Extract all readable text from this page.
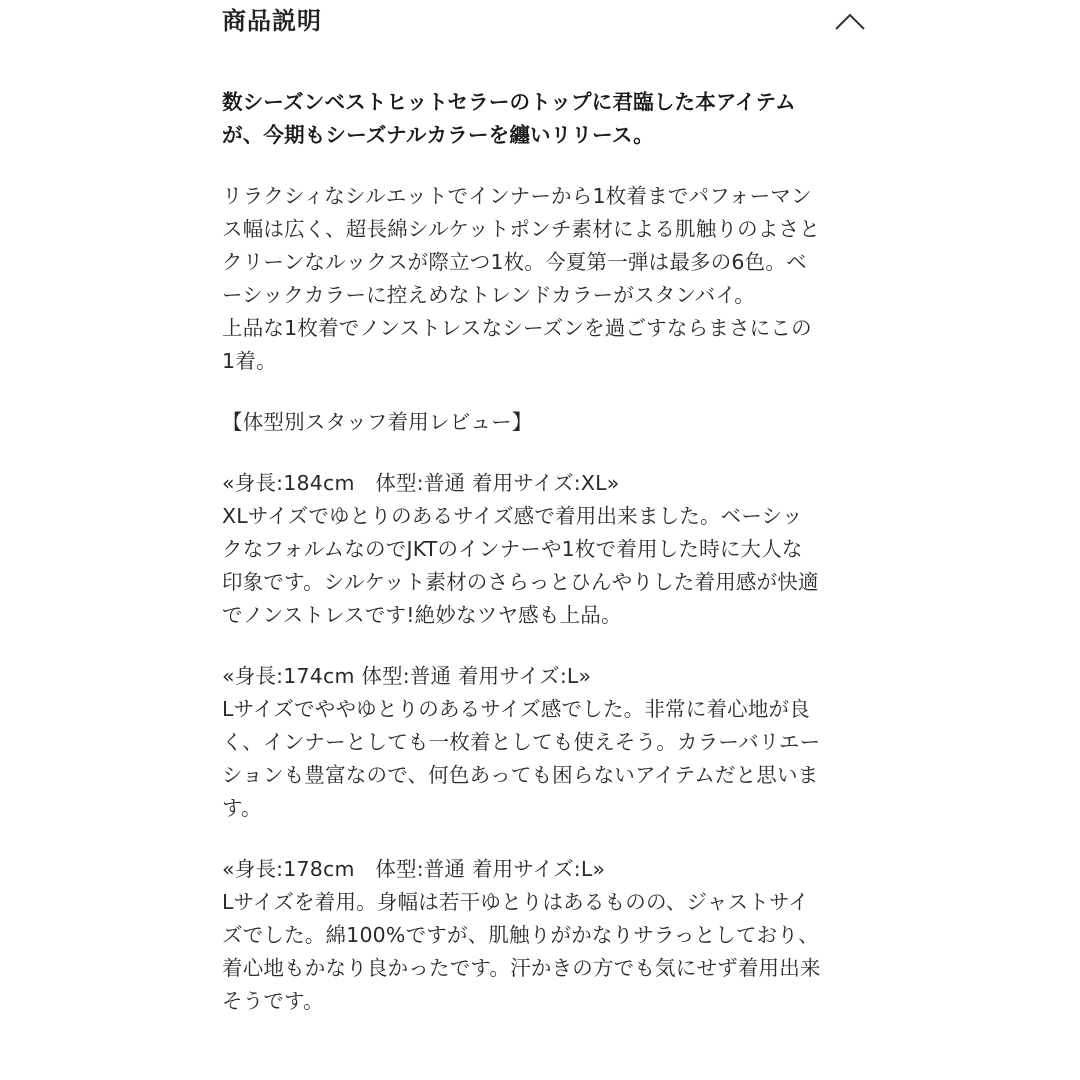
商品説明
数シーズンベストヒットセラーのトップに君臨した本アイテム
が、今期もシーズナルカラーを纏いリリース。
リラクシィなシルエットでインナーから1枚着までパフォーマン
ス幅は広く、超長綿シルケットポンチ素材による肌触りのよさと
クリーンなルックスが際立つ1枚。今夏第一弾は最多の6色。ベ
ーシックカラーに控えめなトレンドカラーがスタンバイ。
上品な1枚着でノンストレスなシーズンを過ごすならまさにこの
1着。
【体型別スタッフ着用レビュー】
«身長:184cm　体型:普通 着用サイズ:XL»
XLサイズでゆとりのあるサイズ感で着用出来ました。ベーシッ
クなフォルムなのでJKTのインナーや1枚で着用した時に大人な
印象です。シルケット素材のさらっとひんやりした着用感が快適
でノンストレスです!絶妙なツヤ感も上品。
«身長:174cm 体型:普通 着用サイズ:L»
Lサイズでややゆとりのあるサイズ感でした。非常に着心地が良
く、インナーとしても一枚着としても使えそう。カラーバリエー
ションも豊富なので、何色あっても困らないアイテムだと思いま
す。
«身長:178cm　体型:普通 着用サイズ:L»
Lサイズを着用。身幅は若干ゆとりはあるものの、ジャストサイ
ズでした。綿100%ですが、肌触りがかなりサラっとしており、
着心地もかなり良かったです。汗かきの方でも気にせず着用出来
そうです。
